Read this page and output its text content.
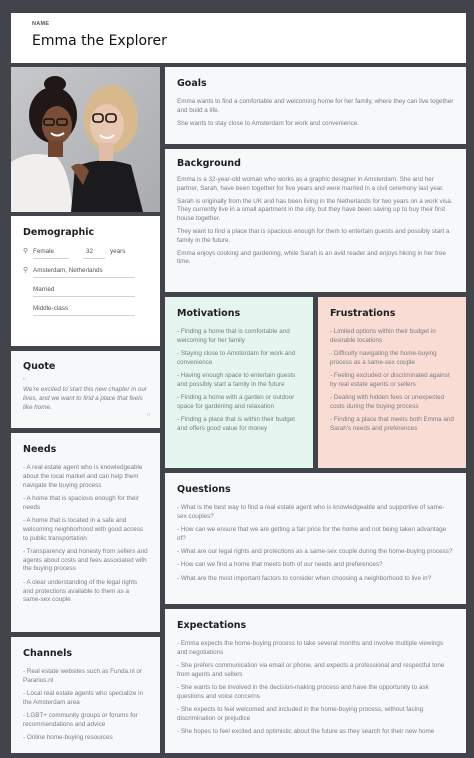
NAME
Emma the Explorer
Demographic
⚲ Female	32	years
⚲ Amsterdam, Netherlands
Married
Middle-class
Quote
“
We're excited to start this new chapter in our lives, and we want to find a place that feels like home.
”
Needs
- A real estate agent who is knowledgeable about the local market and can help them navigate the buying process
- A home that is spacious enough for their needs
- A home that is located in a safe and welcoming neighborhood with good access to public transportation
- Transparency and honesty from sellers and agents about costs and fees associated with the buying process
- A clear understanding of the legal rights and protections available to them as a same-sex couple
Channels
- Real estate websites such as Funda.nl or Pararius.nl
- Local real estate agents who specialize in the Amsterdam area
- LGBT+ community groups or forums for recommendations and advice
- Online home-buying resources
Goals
Emma wants to find a comfortable and welcoming home for her family, where they can live together and build a life.
She wants to stay close to Amsterdam for work and convenience.
Background
Emma is a 32-year-old woman who works as a graphic designer in Amsterdam. She and her partner, Sarah, have been together for five years and were married in a civil ceremony last year.
Sarah is originally from the UK and has been living in the Netherlands for two years on a work visa. They currently live in a small apartment in the city, but they have been saving up to buy their first house together.
They want to find a place that is spacious enough for them to entertain guests and possibly start a family in the future.
Emma enjoys cooking and gardening, while Sarah is an avid reader and enjoys hiking in her free time.
Motivations
- Finding a home that is comfortable and welcoming for her family
- Staying close to Amsterdam for work and convenience
- Having enough space to entertain guests and possibly start a family in the future
- Finding a home with a garden or outdoor space for gardening and relaxation
- Finding a place that is within their budget and offers good value for money
Frustrations
- Limited options within their budget in desirable locations
- Difficulty navigating the home-buying process as a same-sex couple
- Feeling excluded or discriminated against by real estate agents or sellers
- Dealing with hidden fees or unexpected costs during the buying process
- Finding a place that meets both Emma and Sarah's needs and preferences
Questions
- What is the best way to find a real estate agent who is knowledgeable and supportive of same-sex couples?
- How can we ensure that we are getting a fair price for the home and not being taken advantage of?
- What are our legal rights and protections as a same-sex couple during the home-buying process?
- How can we find a home that meets both of our needs and preferences?
- What are the most important factors to consider when choosing a neighborhood to live in?
Expectations
- Emma expects the home-buying process to take several months and involve multiple viewings and negotiations
- She prefers communication via email or phone, and expects a professional and respectful tone from agents and sellers
- She wants to be involved in the decision-making process and have the opportunity to ask questions and voice concerns
- She expects to feel welcomed and included in the home-buying process, without facing discrimination or prejudice
- She hopes to feel excited and optimistic about the future as they search for their new home
